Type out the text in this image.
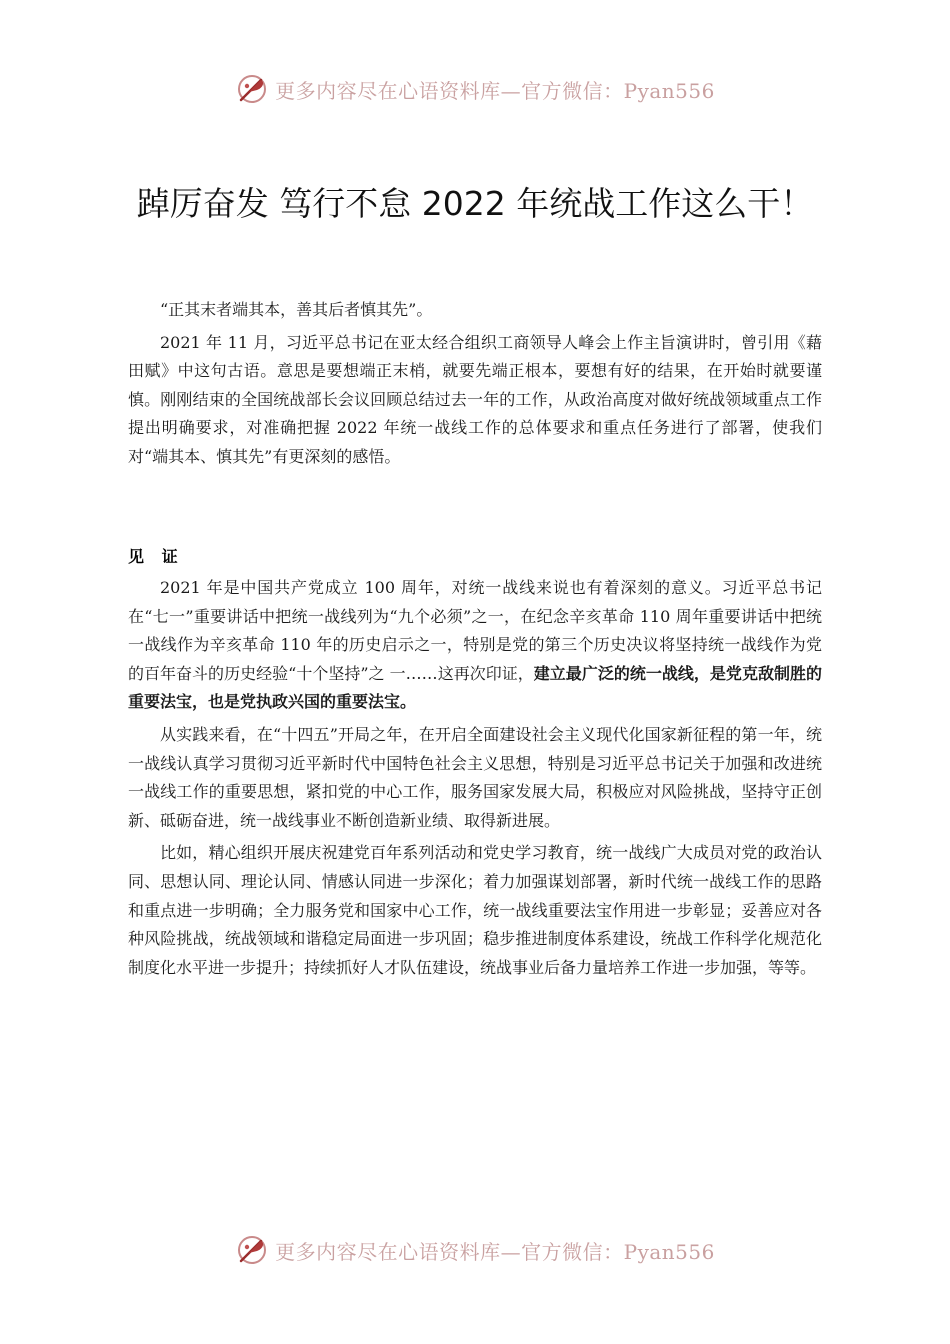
更多内容尽在心语资料库—官方微信：Pyan556
踔厉奋发 笃行不怠 2022 年统战工作这么干！

“正其末者端其本，善其后者慎其先”。

2021 年 11 月，习近平总书记在亚太经合组织工商领导人峰会上作主旨演讲时，曾引用《藉田赋》中这句古语。意思是要想端正末梢，就要先端正根本，要想有好的结果，在开始时就要谨慎。刚刚结束的全国统战部长会议回顾总结过去一年的工作，从政治高度对做好统战领域重点工作提出明确要求，对准确把握 2022 年统一战线工作的总体要求和重点任务进行了部署，使我们对“端其本、慎其先”有更深刻的感悟。

见 证

2021 年是中国共产党成立 100 周年，对统一战线来说也有着深刻的意义。习近平总书记在“七一”重要讲话中把统一战线列为“九个必须”之一，在纪念辛亥革命 110 周年重要讲话中把统一战线作为辛亥革命 110 年的历史启示之一，特别是党的第三个历史决议将坚持统一战线作为党的百年奋斗的历史经验“十个坚持”之 一……这再次印证，建立最广泛的统一战线，是党克敌制胜的重要法宝，也是党执政兴国的重要法宝。

从实践来看，在“十四五”开局之年，在开启全面建设社会主义现代化国家新征程的第一年，统一战线认真学习贯彻习近平新时代中国特色社会主义思想，特别是习近平总书记关于加强和改进统一战线工作的重要思想，紧扣党的中心工作，服务国家发展大局，积极应对风险挑战，坚持守正创新、砥砺奋进，统一战线事业不断创造新业绩、取得新进展。

比如，精心组织开展庆祝建党百年系列活动和党史学习教育，统一战线广大成员对党的政治认同、思想认同、理论认同、情感认同进一步深化；着力加强谋划部署，新时代统一战线工作的思路和重点进一步明确；全力服务党和国家中心工作，统一战线重要法宝作用进一步彰显；妥善应对各种风险挑战，统战领域和谐稳定局面进一步巩固；稳步推进制度体系建设，统战工作科学化规范化制度化水平进一步提升；持续抓好人才队伍建设，统战事业后备力量培养工作进一步加强，等等。

更多内容尽在心语资料库—官方微信：Pyan556
